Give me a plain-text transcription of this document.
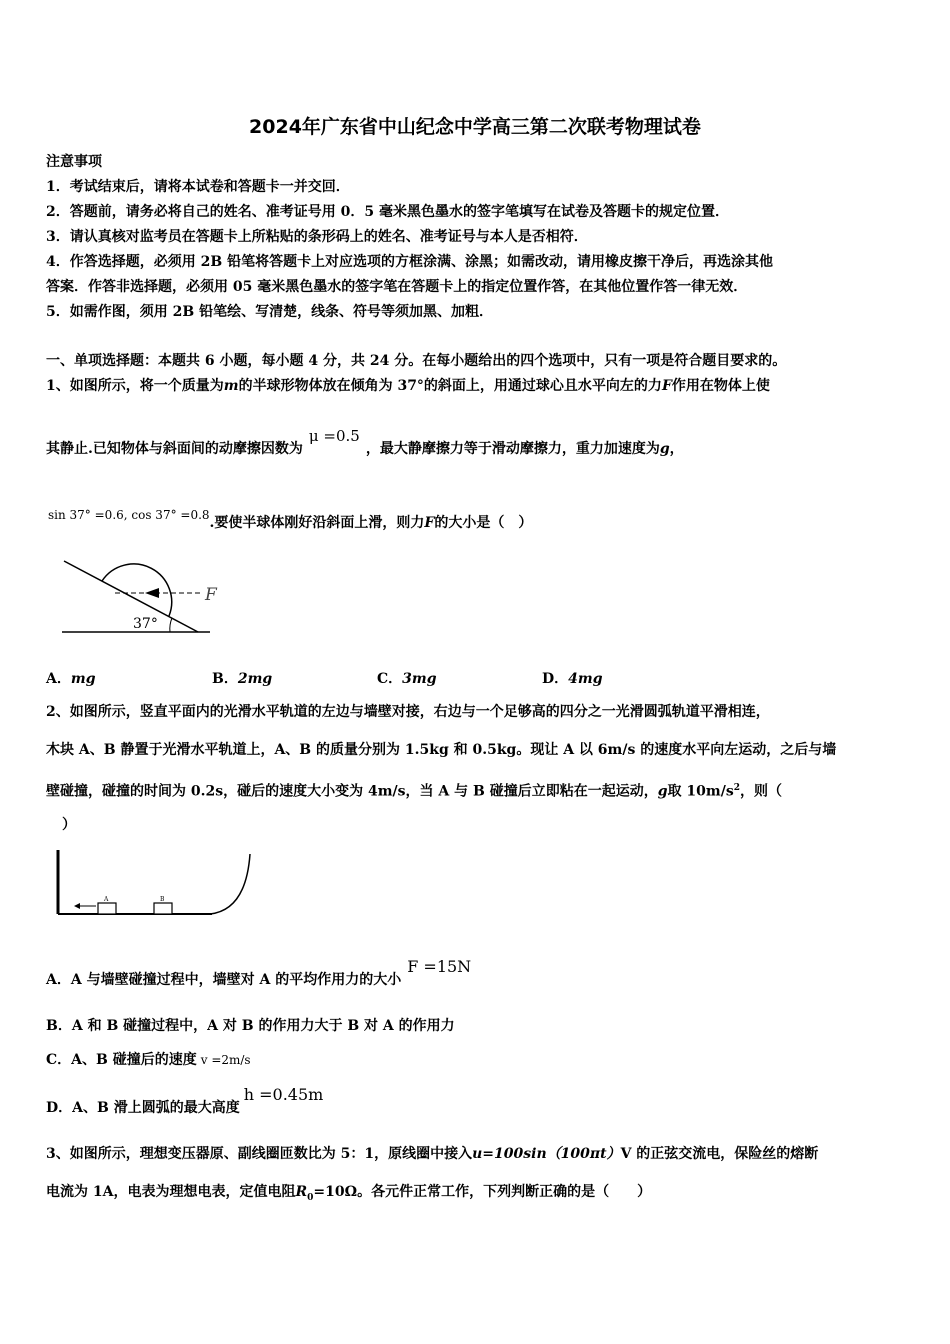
2024年广东省中山纪念中学高三第二次联考物理试卷
注意事项
1．考试结束后，请将本试卷和答题卡一并交回．
2．答题前，请务必将自己的姓名、准考证号用 0．5 毫米黑色墨水的签字笔填写在试卷及答题卡的规定位置．
3．请认真核对监考员在答题卡上所粘贴的条形码上的姓名、准考证号与本人是否相符．
4．作答选择题，必须用 2B 铅笔将答题卡上对应选项的方框涂满、涂黑；如需改动，请用橡皮擦干净后，再选涂其他
答案．作答非选择题，必须用 05 毫米黑色墨水的签字笔在答题卡上的指定位置作答，在其他位置作答一律无效．
5．如需作图，须用 2B 铅笔绘、写清楚，线条、符号等须加黑、加粗．
一、单项选择题：本题共 6 小题，每小题 4 分，共 24 分。在每小题给出的四个选项中，只有一项是符合题目要求的。
1、如图所示，将一个质量为m的半球形物体放在倾角为 37°的斜面上，用通过球心且水平向左的力F作用在物体上使
其静止.已知物体与斜面间的动摩擦因数为μ =0.5，最大静摩擦力等于滑动摩擦力，重力加速度为g，
sin 37° =0.6, cos 37° =0.8.要使半球体刚好沿斜面上滑，则力F的大小是（　）
37°
F
A．mg	B．2mg	C．3mg	D．4mg
2、如图所示，竖直平面内的光滑水平轨道的左边与墙壁对接，右边与一个足够高的四分之一光滑圆弧轨道平滑相连，
木块 A、B 静置于光滑水平轨道上，A、B 的质量分别为 1.5kg 和 0.5kg。现让 A 以 6m/s 的速度水平向左运动，之后与墙
壁碰撞，碰撞的时间为 0.2s，碰后的速度大小变为 4m/s，当 A 与 B 碰撞后立即粘在一起运动，g取 $10m/s^2$，则（
）
A	B
A．A 与墙壁碰撞过程中，墙壁对 A 的平均作用力的大小F =15N
B．A 和 B 碰撞过程中，A 对 B 的作用力大于 B 对 A 的作用力
C．A、B 碰撞后的速度 v =2m/s
D．A、B 滑上圆弧的最大高度h =0.45m
3、如图所示，理想变压器原、副线圈匝数比为 5：1，原线圈中接入u=100sin（100πt）V 的正弦交流电，保险丝的熔断
电流为 1A，电表为理想电表，定值电阻$R_0=10\Omega$。各元件正常工作，下列判断正确的是（　　）
